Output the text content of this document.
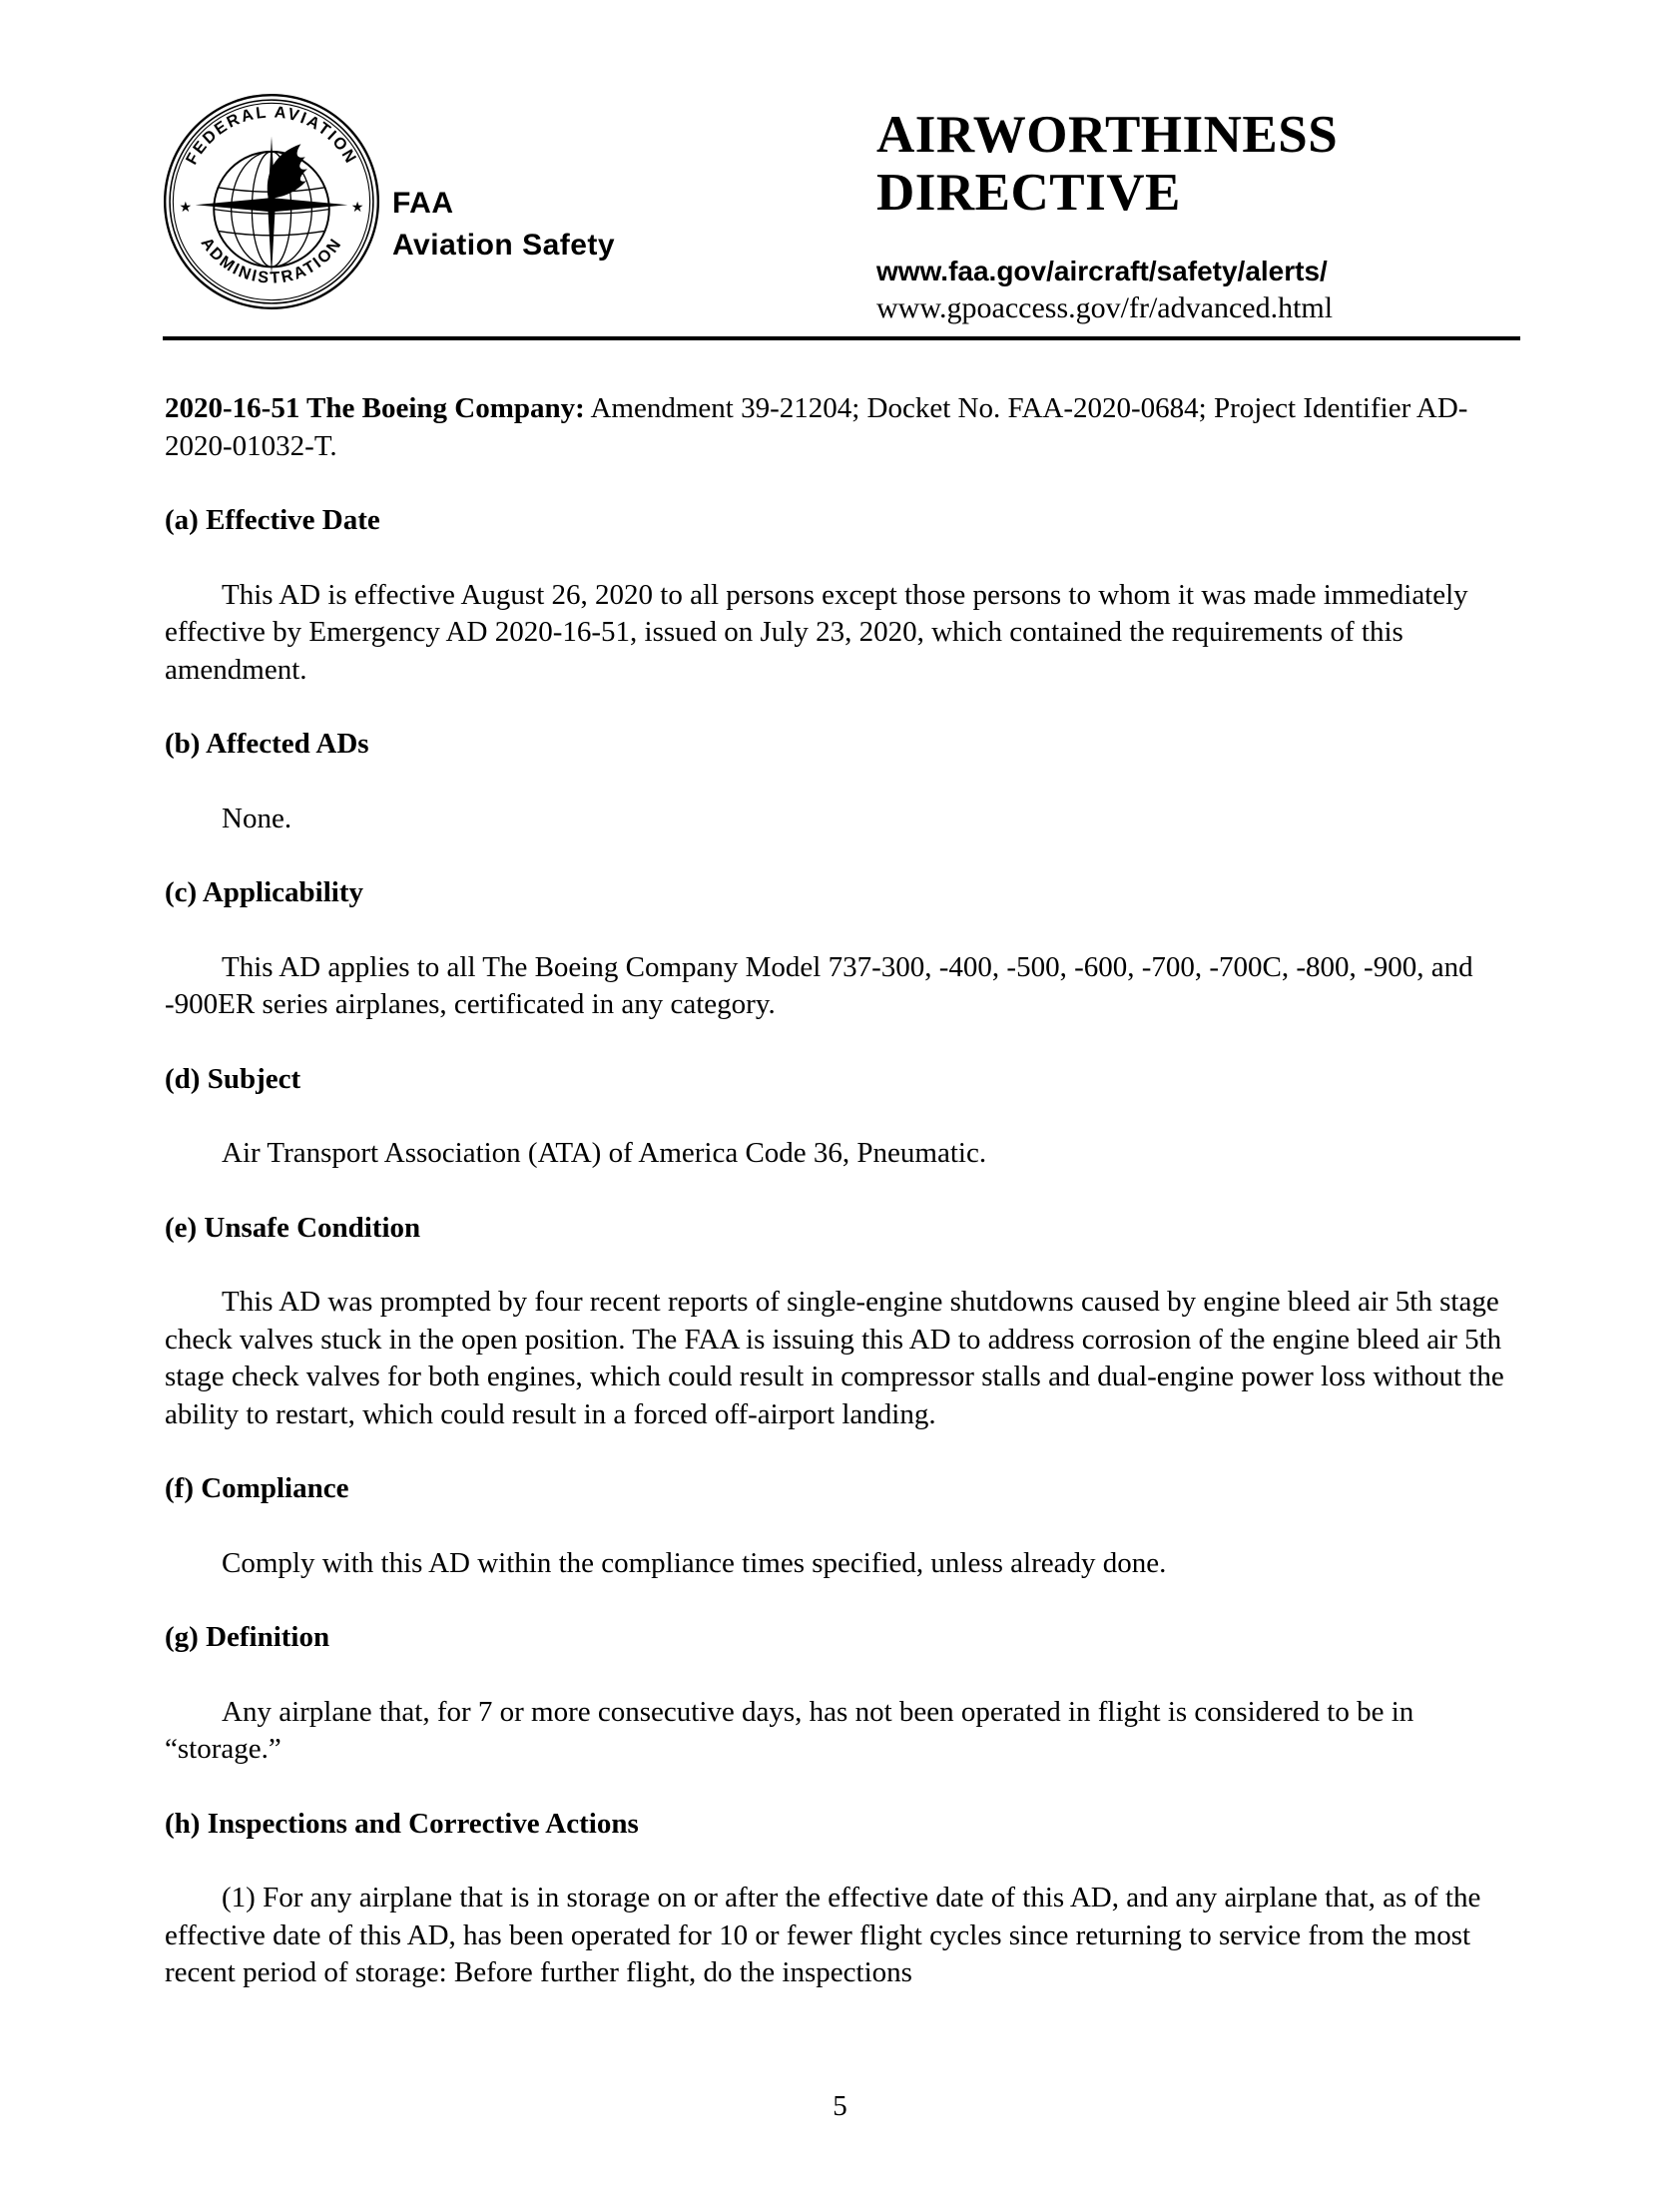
FEDERAL AVIATION
ADMINISTRATION
★	★ FAA
Aviation Safety
AIRWORTHINESS
DIRECTIVE
www.faa.gov/aircraft/safety/alerts/
www.gpoaccess.gov/fr/advanced.html

2020-16-51 The Boeing Company: Amendment 39-21204; Docket No. FAA-2020-0684; Project Identifier AD-2020-01032-T.

(a) Effective Date

This AD is effective August 26, 2020 to all persons except those persons to whom it was made immediately effective by Emergency AD 2020-16-51, issued on July 23, 2020, which contained the requirements of this amendment.

(b) Affected ADs

None.

(c) Applicability

This AD applies to all The Boeing Company Model 737-300, -400, -500, -600, -700, -700C, -800, -900, and -900ER series airplanes, certificated in any category.

(d) Subject

Air Transport Association (ATA) of America Code 36, Pneumatic.

(e) Unsafe Condition

This AD was prompted by four recent reports of single-engine shutdowns caused by engine bleed air 5th stage check valves stuck in the open position. The FAA is issuing this AD to address corrosion of the engine bleed air 5th stage check valves for both engines, which could result in compressor stalls and dual-engine power loss without the ability to restart, which could result in a forced off-airport landing.

(f) Compliance

Comply with this AD within the compliance times specified, unless already done.

(g) Definition

Any airplane that, for 7 or more consecutive days, has not been operated in flight is considered to be in “storage.”

(h) Inspections and Corrective Actions

(1) For any airplane that is in storage on or after the effective date of this AD, and any airplane that, as of the effective date of this AD, has been operated for 10 or fewer flight cycles since returning to service from the most recent period of storage: Before further flight, do the inspections

5
